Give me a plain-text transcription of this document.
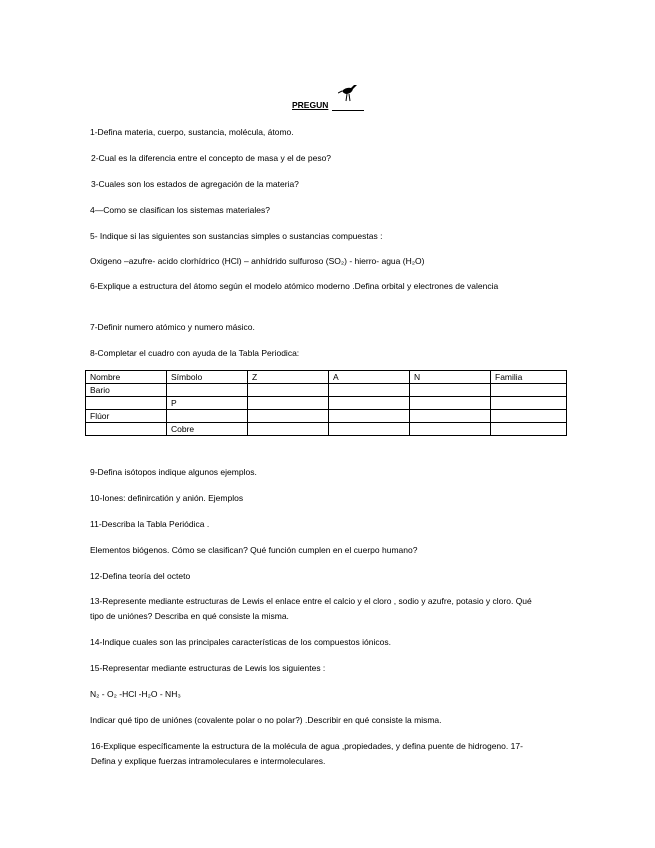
PREGUN
1-Defina materia, cuerpo, sustancia, molécula, átomo.
2-Cual es la diferencia entre el concepto de masa y el de peso?
3-Cuales son los estados de agregación de la materia?
4—Como se clasifican los sistemas materiales?
5- Indique si las siguientes son sustancias simples o sustancias compuestas :
Oxigeno –azufre- acido clorhídrico (HCl) – anhídrido sulfuroso (SO₂) - hierro- agua (H₂O)
6-Explique a estructura del átomo según el modelo atómico moderno .Defina orbital y electrones de valencia
7-Definir numero atómico y numero másico.
8-Completar el cuadro con ayuda de la Tabla Periodica:
Nombre	Símbolo	Z	A	N	Familia
Bario					
	P				
Flúor					
	Cobre				
9-Defina isótopos indique algunos ejemplos.
10-Iones: definircatión y anión. Ejemplos
11-Describa la Tabla Periódica .
Elementos biógenos. Cómo se clasifican? Qué función cumplen en el cuerpo humano?
12-Defina teoría del octeto
13-Represente mediante estructuras de Lewis el enlace entre el calcio y el cloro , sodio y azufre, potasio y cloro. Qué tipo de uniónes? Describa en qué consiste la misma.
14-Indique cuales son las principales características de los compuestos iónicos.
15-Representar mediante estructuras de Lewis los siguientes :
N₂ - O₂ -HCl -H₂O - NH₃
Indicar qué tipo de uniónes (covalente polar o no polar?) .Describir en qué consiste la misma.
16-Explique específicamente la estructura de la molécula de agua ,propiedades, y defina puente de hidrogeno. 17- Defina y explique fuerzas intramoleculares e intermoleculares.
